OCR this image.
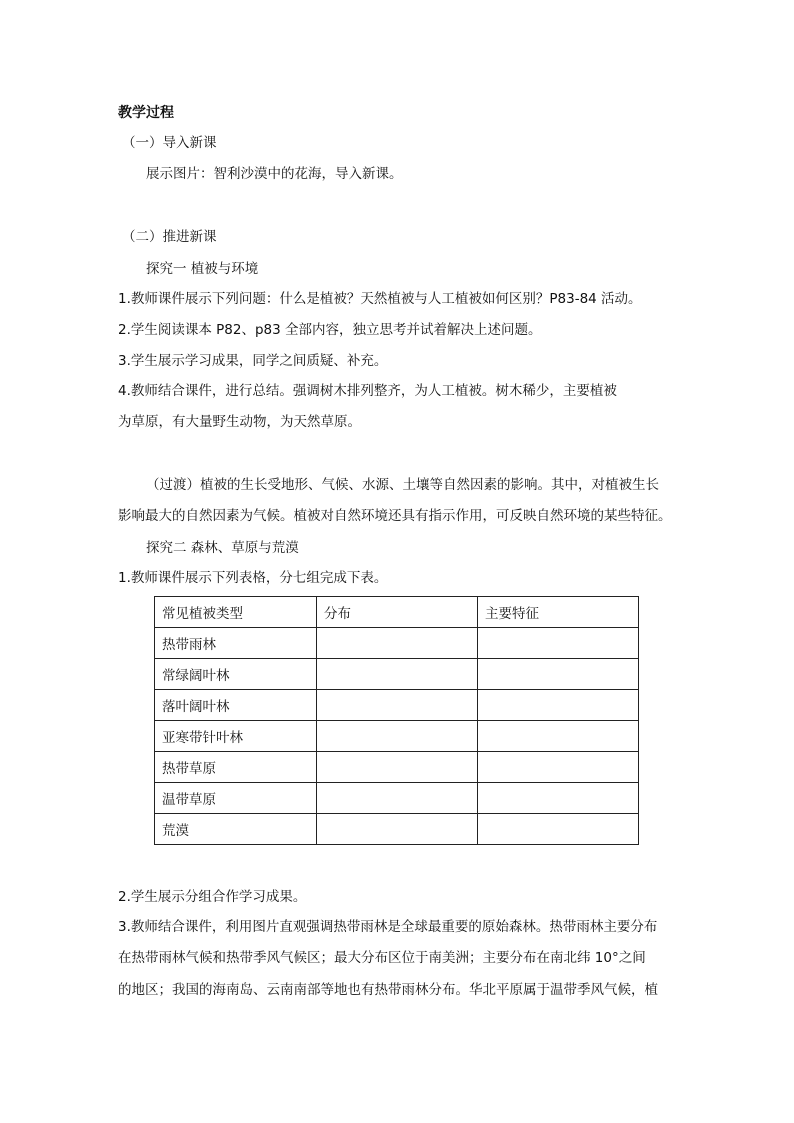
教学过程
（一）导入新课
展示图片：智利沙漠中的花海，导入新课。
（二）推进新课
探究一 植被与环境
1.教师课件展示下列问题：什么是植被？天然植被与人工植被如何区别？P83-84 活动。
2.学生阅读课本 P82、p83 全部内容，独立思考并试着解决上述问题。
3.学生展示学习成果，同学之间质疑、补充。
4.教师结合课件，进行总结。强调树木排列整齐，为人工植被。树木稀少，主要植被
为草原，有大量野生动物，为天然草原。
（过渡）植被的生长受地形、气候、水源、土壤等自然因素的影响。其中，对植被生长
影响最大的自然因素为气候。植被对自然环境还具有指示作用，可反映自然环境的某些特征。
探究二 森林、草原与荒漠
1.教师课件展示下列表格，分七组完成下表。
常见植被类型	分布	主要特征
热带雨林		
常绿阔叶林		
落叶阔叶林		
亚寒带针叶林		
热带草原		
温带草原		
荒漠		
2.学生展示分组合作学习成果。
3.教师结合课件，利用图片直观强调热带雨林是全球最重要的原始森林。热带雨林主要分布
在热带雨林气候和热带季风气候区；最大分布区位于南美洲；主要分布在南北纬 10°之间
的地区；我国的海南岛、云南南部等地也有热带雨林分布。华北平原属于温带季风气候，植
